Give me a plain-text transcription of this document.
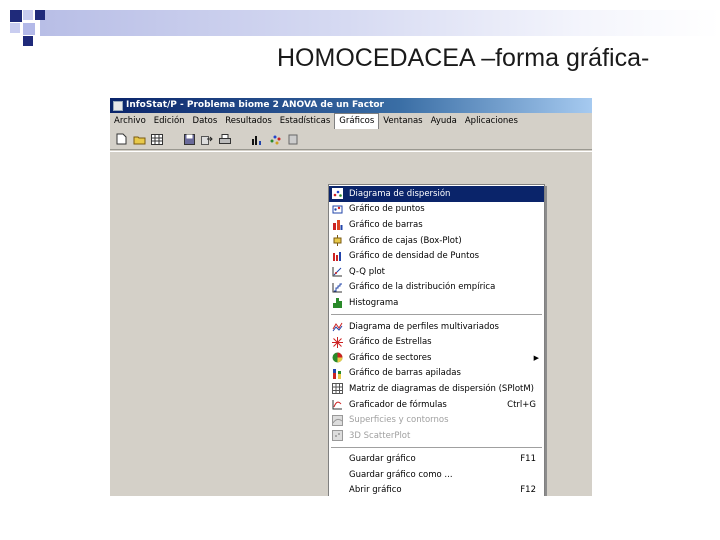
HOMOCEDACEA –forma gráfica-
InfoStat/P - Problema biome 2 ANOVA de un Factor
Archivo Edición Datos Resultados Estadísticas	Gráficos	Ventanas Ayuda Aplicaciones
Diagrama de dispersión
Gráfico de puntos
Gráfico de barras
Gráfico de cajas (Box-Plot)
Gráfico de densidad de Puntos
Q-Q plot
Gráfico de la distribución empírica
Histograma
Diagrama de perfiles multivariados
Gráfico de Estrellas
Gráfico de sectores	▶
Gráfico de barras apiladas
Matriz de diagramas de dispersión (SPlotM)
Graficador de fórmulas	Ctrl+G
Superficies y contornos
3D ScatterPlot
Guardar gráfico	F11
Guardar gráfico como ...
Abrir gráfico	F12
